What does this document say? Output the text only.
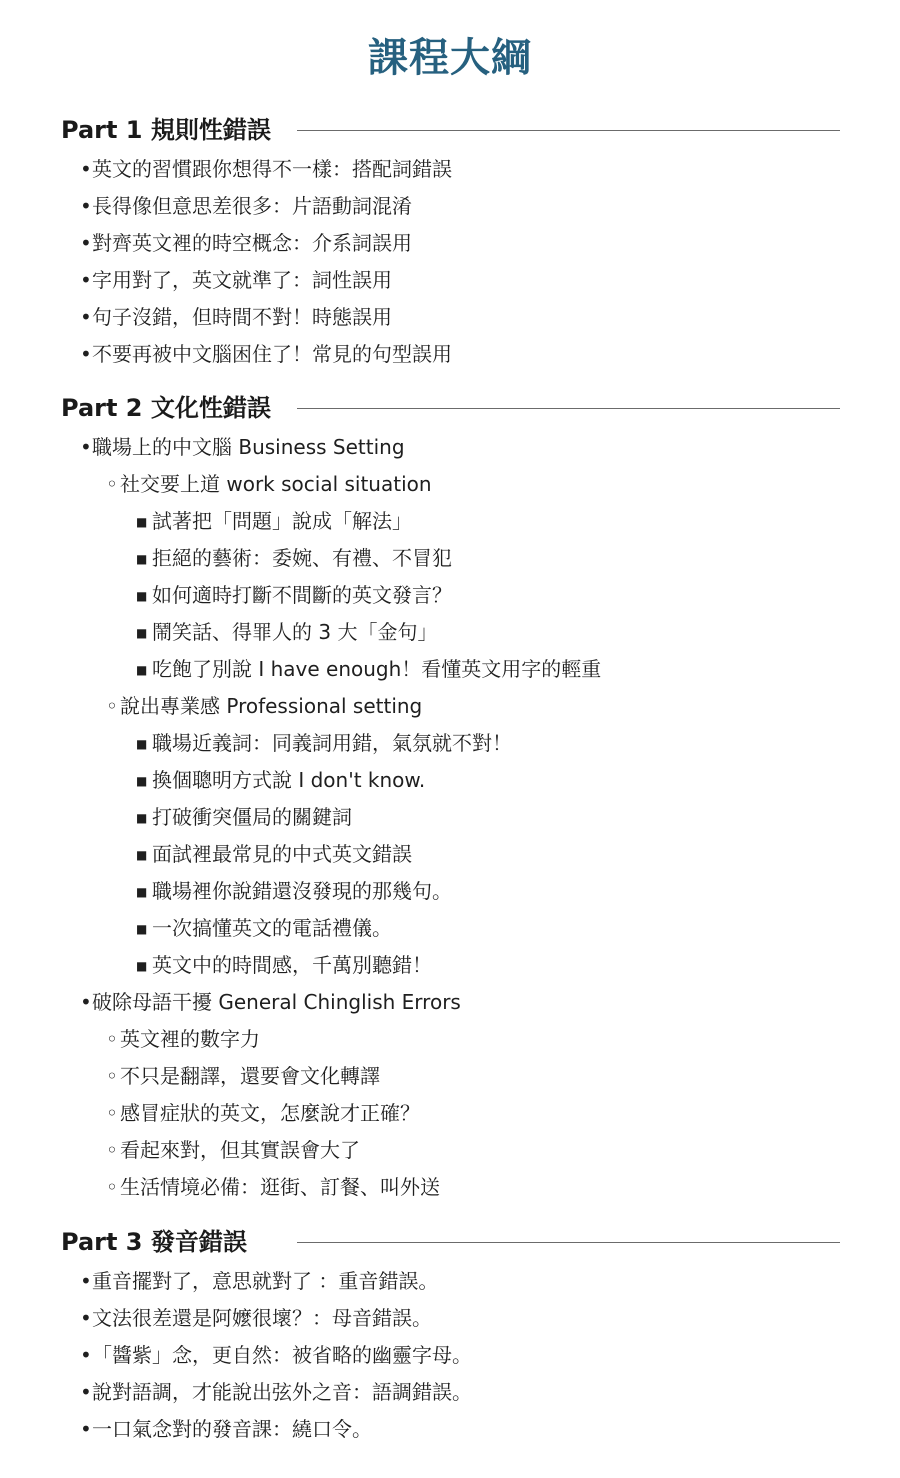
課程大綱
Part 1 規則性錯誤
•英文的習慣跟你想得不一樣：搭配詞錯誤
•長得像但意思差很多：片語動詞混淆
•對齊英文裡的時空概念：介系詞誤用
•字用對了，英文就準了：詞性誤用
•句子沒錯，但時間不對！時態誤用
•不要再被中文腦困住了！常見的句型誤用
Part 2 文化性錯誤
•職場上的中文腦 Business Setting
◦ 社交要上道 work social situation
■ 試著把「問題」說成「解法」
■ 拒絕的藝術：委婉、有禮、不冒犯
■ 如何適時打斷不間斷的英文發言？
■ 鬧笑話、得罪人的 3 大「金句」
■ 吃飽了別說 I have enough！看懂英文用字的輕重
◦ 說出專業感 Professional setting
■ 職場近義詞：同義詞用錯，氣氛就不對！
■ 換個聰明方式說 I don't know.
■ 打破衝突僵局的關鍵詞
■ 面試裡最常見的中式英文錯誤
■ 職場裡你說錯還沒發現的那幾句。
■ 一次搞懂英文的電話禮儀。
■ 英文中的時間感，千萬別聽錯！
•破除母語干擾 General Chinglish Errors
◦ 英文裡的數字力
◦ 不只是翻譯，還要會文化轉譯
◦ 感冒症狀的英文，怎麼說才正確？
◦ 看起來對，但其實誤會大了
◦ 生活情境必備：逛街、訂餐、叫外送
Part 3 發音錯誤
•重音擺對了，意思就對了 ：重音錯誤。
•文法很差還是阿嬤很壞？：母音錯誤。
•「醬紫」念，更自然：被省略的幽靈字母。
•說對語調，才能說出弦外之音：語調錯誤。
•一口氣念對的發音課：繞口令。
